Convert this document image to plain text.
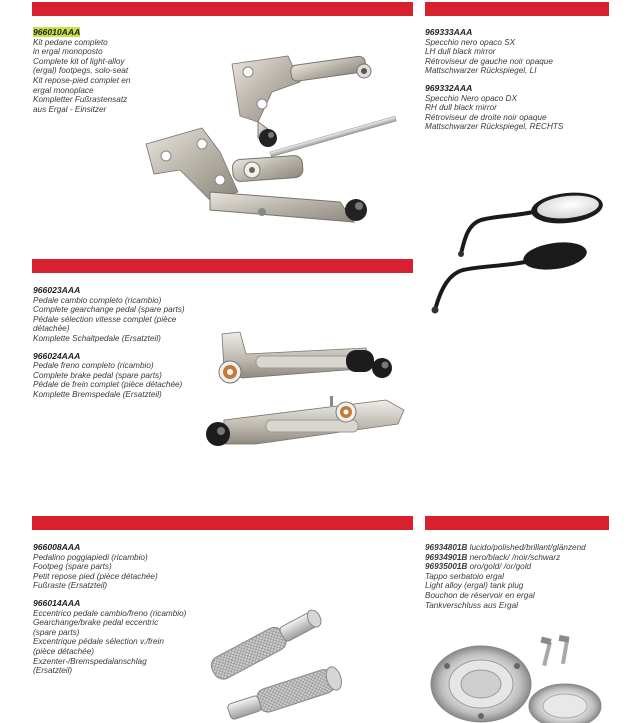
966010AAA
Kit pedane completo
in ergal monoposto
Complete kit of light-alloy
(ergal) footpegs, solo-seat
Kit repose-pied complet en
ergal monoplace
Kompletter Fußrastensatz
aus Ergal - Einsitzer
969333AAA
Specchio nero opaco SX
LH dull black mirror
Rétroviseur de gauche noir opaque
Mattschwarzer Rückspiegel, LI
969332AAA
Specchio Nero opaco DX
RH dull black mirror
Rétroviseur de droite noir opaque
Mattschwarzer Rückspiegel, RECHTS
966023AAA
Pedale cambio completo (ricambio)
Complete gearchange pedal (spare parts)
Pédale sélection vitesse complet (pièce
détachée)
Komplette Schaltpedale (Ersatzteil)
966024AAA
Pedale freno completo (ricambio)
Complete brake pedal (spare parts)
Pédale de frein complet (pièce détachée)
Komplette Bremspedale (Ersatzteil)
966008AAA
Pedalino poggiapiedi (ricambio)
Footpeg (spare parts)
Petit repose pied (pièce détachée)
Fußraste (Ersatzteil)
966014AAA
Eccentrico pedale cambio/freno (ricambio)
Gearchange/brake pedal eccentric
(spare parts)
Excentrique pédale sélection v./frein
(pièce détachée)
Exzenter-/Bremspedalanschlag
(Ersatzteil)
96934801B lucido/polished/brillant/glänzend
96934901B nero/black/ /noir/schwarz
96935001B oro/gold/ /or/gold
Tappo serbatoio ergal
Light alloy (ergal) tank plug
Bouchon de réservoir en ergal
Tankverschluss aus Ergal
